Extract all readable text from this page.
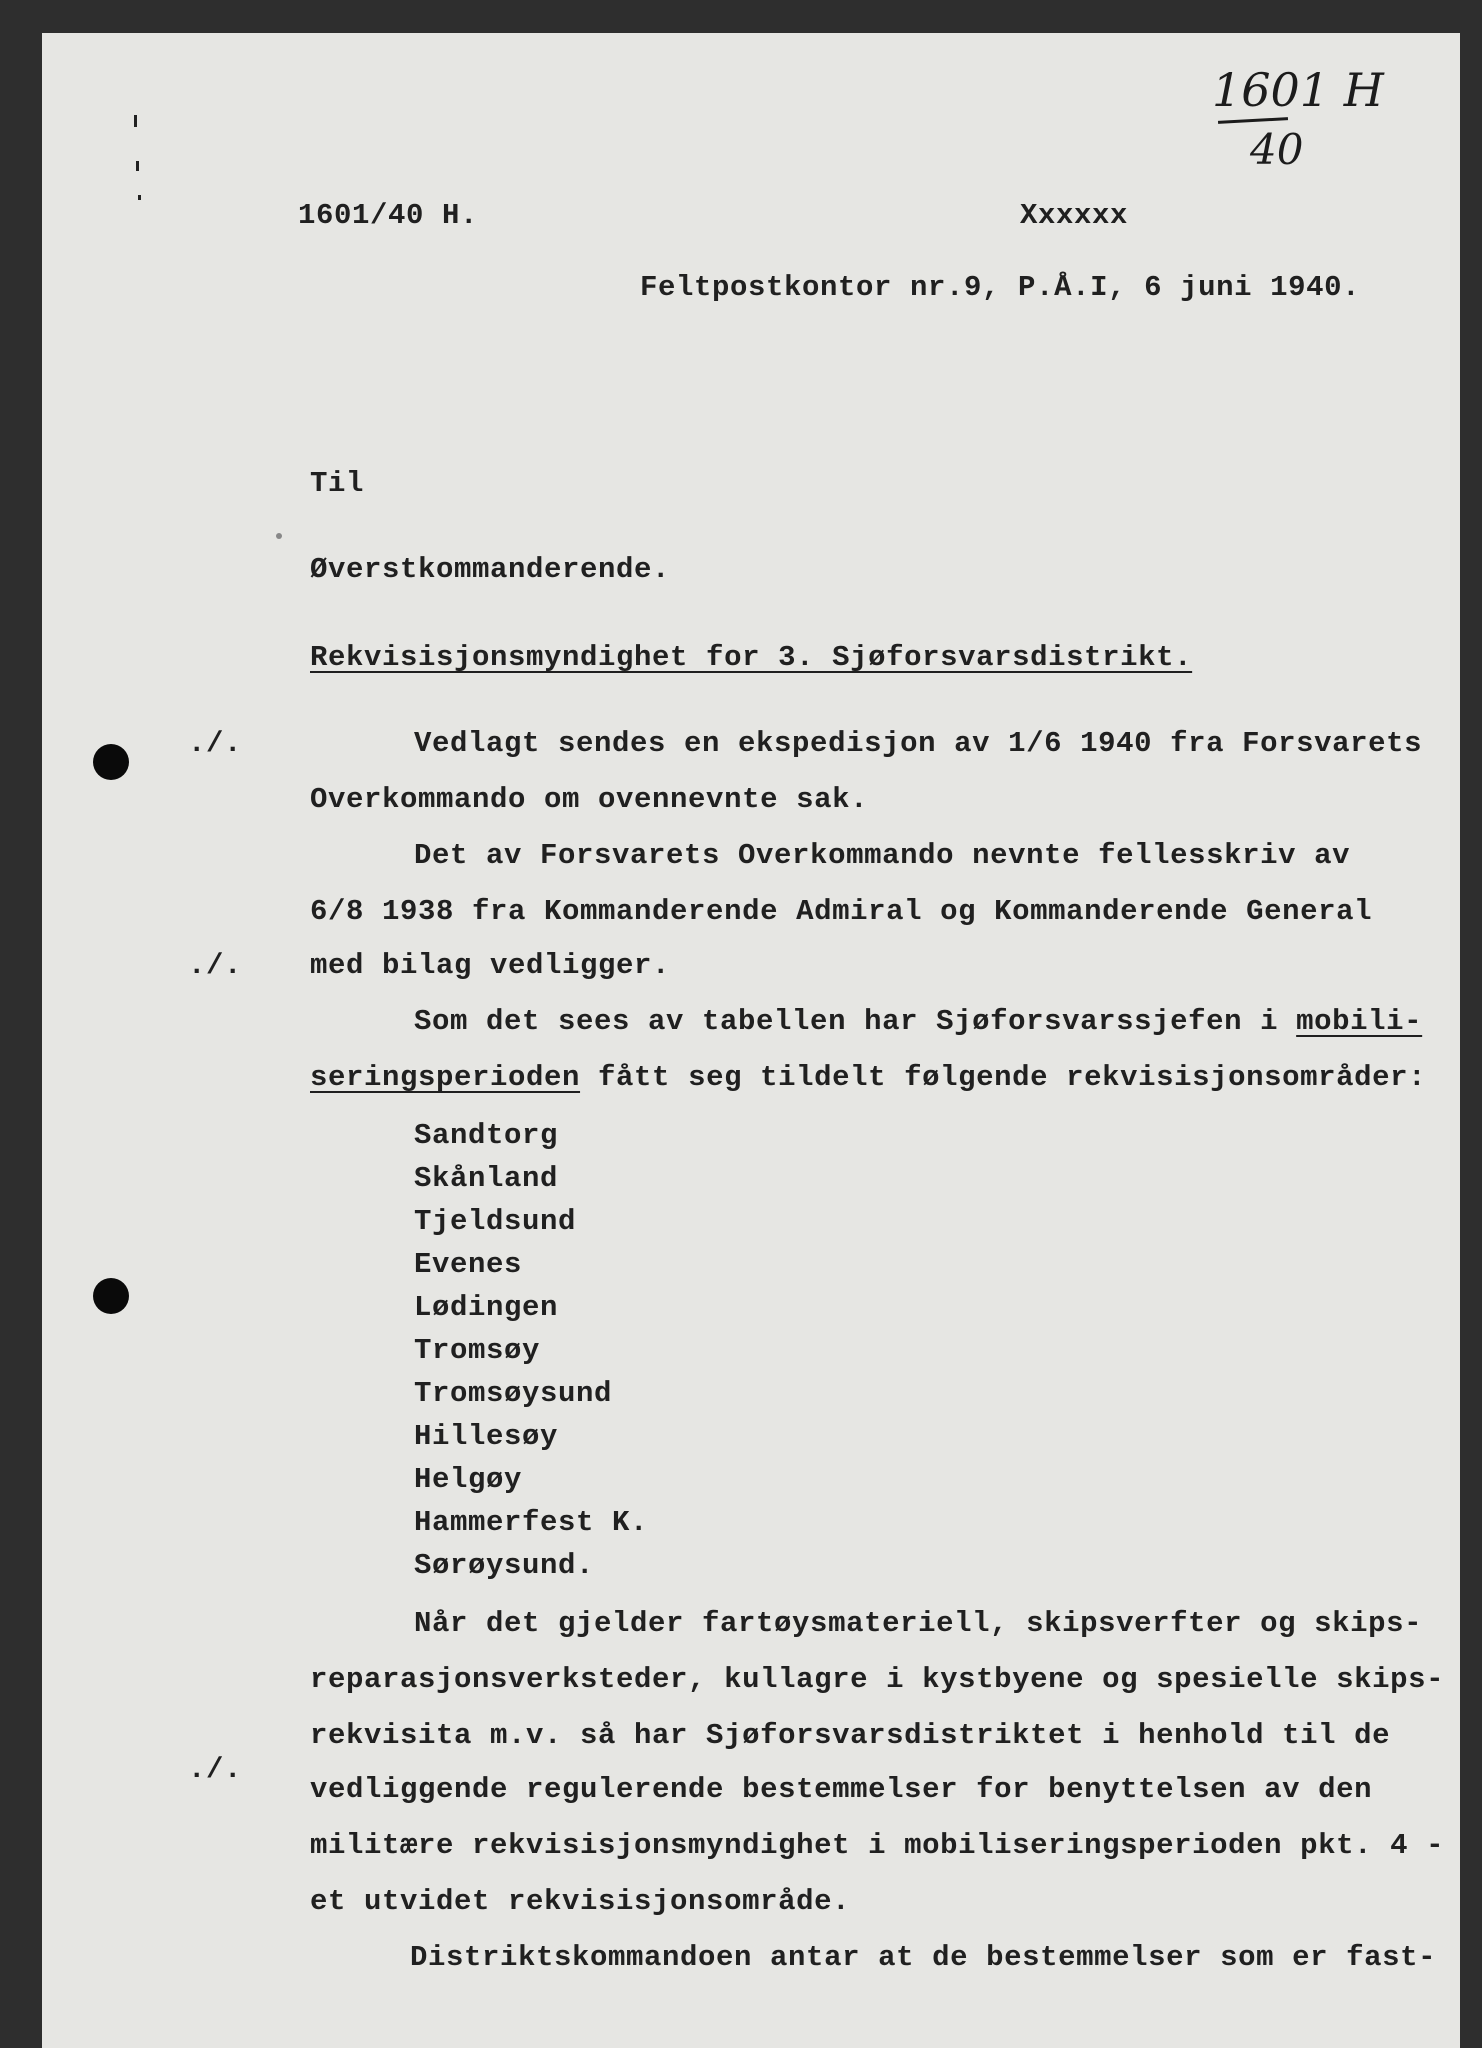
1601 H
40
1601/40 H.	Xxxxxx
Feltpostkontor nr.9, P.Å.I, 6 juni 1940.
Til
Øverstkommanderende.
Rekvisisjonsmyndighet for 3. Sjøforsvarsdistrikt.
./.
./.
./.
Vedlagt sendes en ekspedisjon av 1/6 1940 fra Forsvarets
Overkommando om ovennevnte sak.
Det av Forsvarets Overkommando nevnte fellesskriv av
6/8 1938 fra Kommanderende Admiral og Kommanderende General
med bilag vedligger.
Som det sees av tabellen har Sjøforsvarssjefen i mobili-
seringsperioden fått seg tildelt følgende rekvisisjonsområder:
Sandtorg
Skånland
Tjeldsund
Evenes
Lødingen
Tromsøy
Tromsøysund
Hillesøy
Helgøy
Hammerfest K.
Sørøysund.
Når det gjelder fartøysmateriell, skipsverfter og skips-
reparasjonsverksteder, kullagre i kystbyene og spesielle skips-
rekvisita m.v. så har Sjøforsvarsdistriktet i henhold til de
vedliggende regulerende bestemmelser for benyttelsen av den
militære rekvisisjonsmyndighet i mobiliseringsperioden pkt. 4 -
et utvidet rekvisisjonsområde.
Distriktskommandoen antar at de bestemmelser som er fast-
